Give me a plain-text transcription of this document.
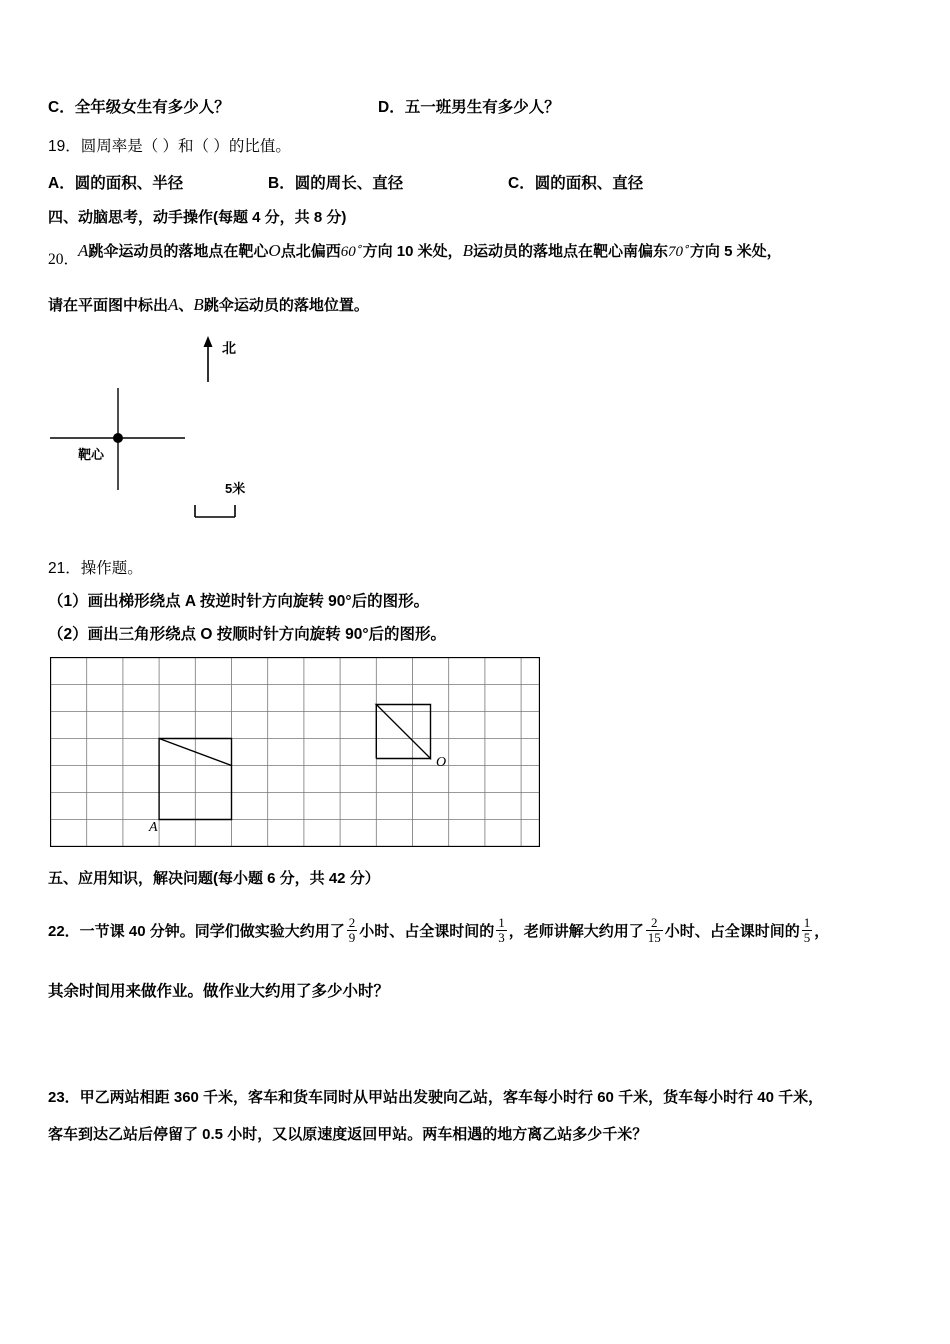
C．全年级女生有多少人？	D．五一班男生有多少人？
19．圆周率是（ ）和（ ）的比值。
A．圆的面积、半径	B．圆的周长、直径	C．圆的面积、直径
四、动脑思考，动手操作(每题 4 分，共 8 分)
20．
A跳伞运动员的落地点在靶心O点北偏西60∘方向 10 米处，B运动员的落地点在靶心南偏东70∘方向 5 米处，
请在平面图中标出A、B跳伞运动员的落地位置。
北
靶心
5米
21．操作题。
（1）画出梯形绕点 A 按逆时针方向旋转 90°后的图形。
（2）画出三角形绕点 O 按顺时针方向旋转 90°后的图形。
A
O
五、应用知识，解决问题(每小题 6 分，共 42 分）
22．一节课 40 分钟。同学们做实验大约用了 $\frac{2}{9}$ 小时、占全课时间的 $\frac{1}{3}$ ，老师讲解大约用了 $\frac{2}{15}$ 小时、占全课时间的 $\frac{1}{5}$ ，
其余时间用来做作业。做作业大约用了多少小时？
23．甲乙两站相距 360 千米，客车和货车同时从甲站出发驶向乙站，客车每小时行 60 千米，货车每小时行 40 千米，
客车到达乙站后停留了 0.5 小时，又以原速度返回甲站。两车相遇的地方离乙站多少千米？
